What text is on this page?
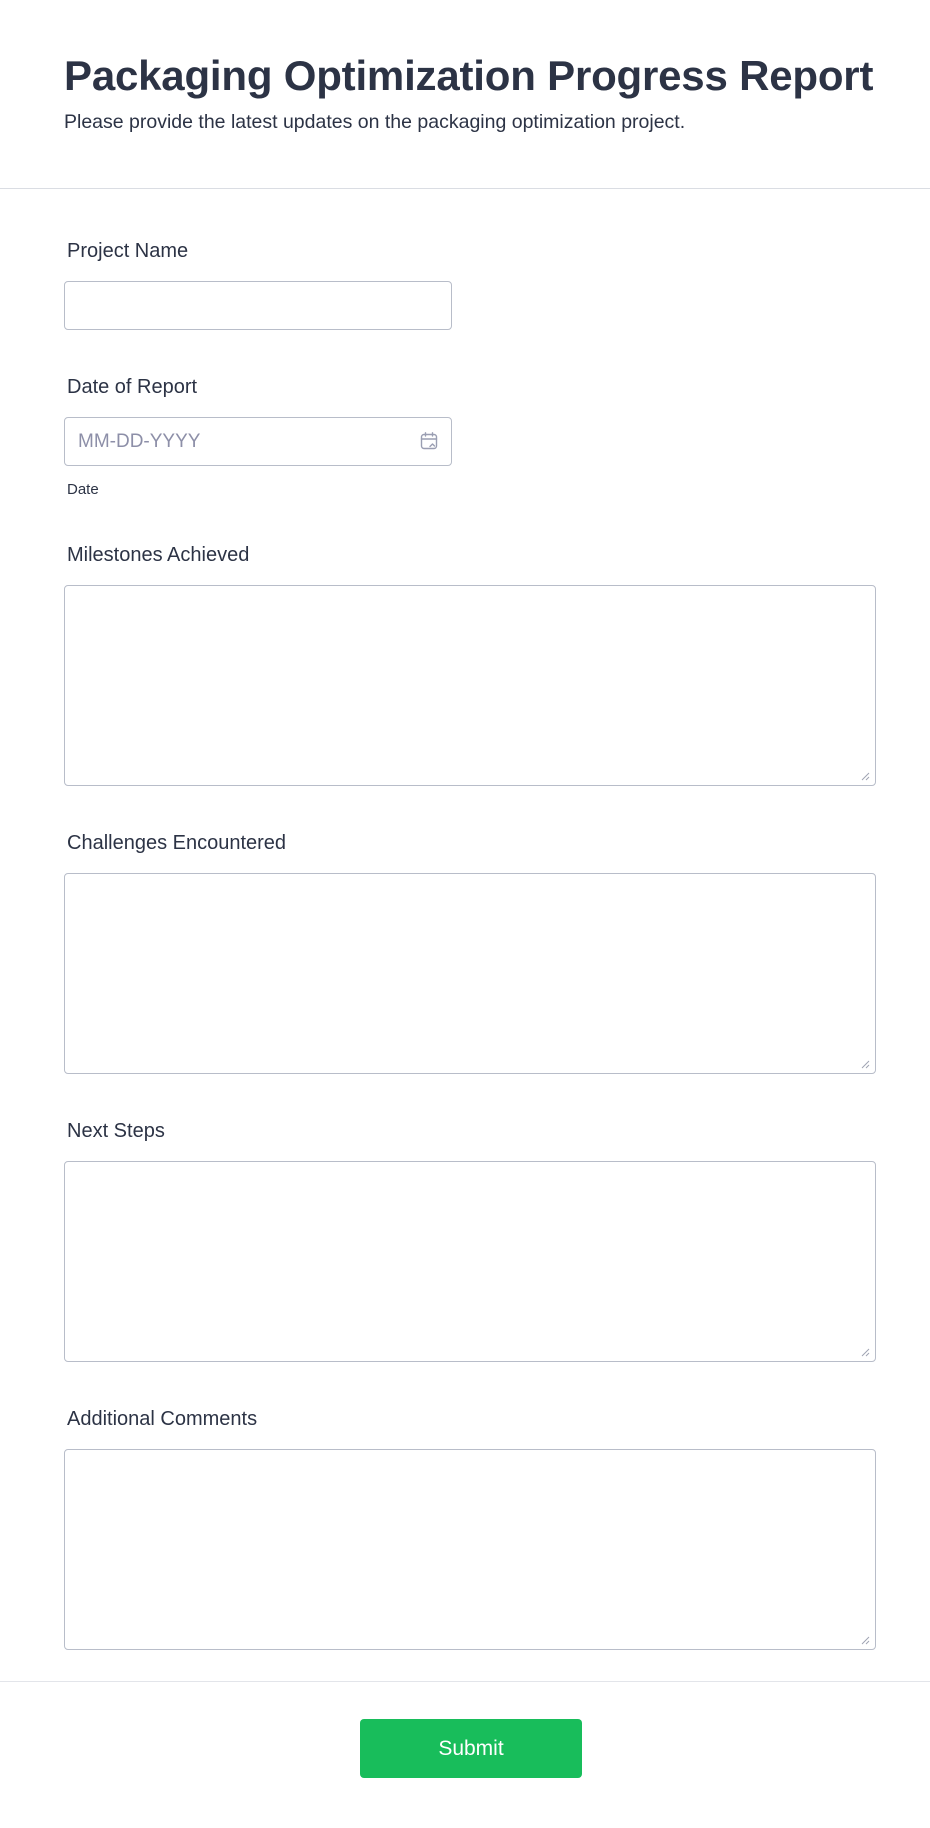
Packaging Optimization Progress Report

Please provide the latest updates on the packaging optimization project.

Project Name
Date of Report
MM-DD-YYYY
Date
Milestones Achieved
Challenges Encountered
Next Steps
Additional Comments
Submit
